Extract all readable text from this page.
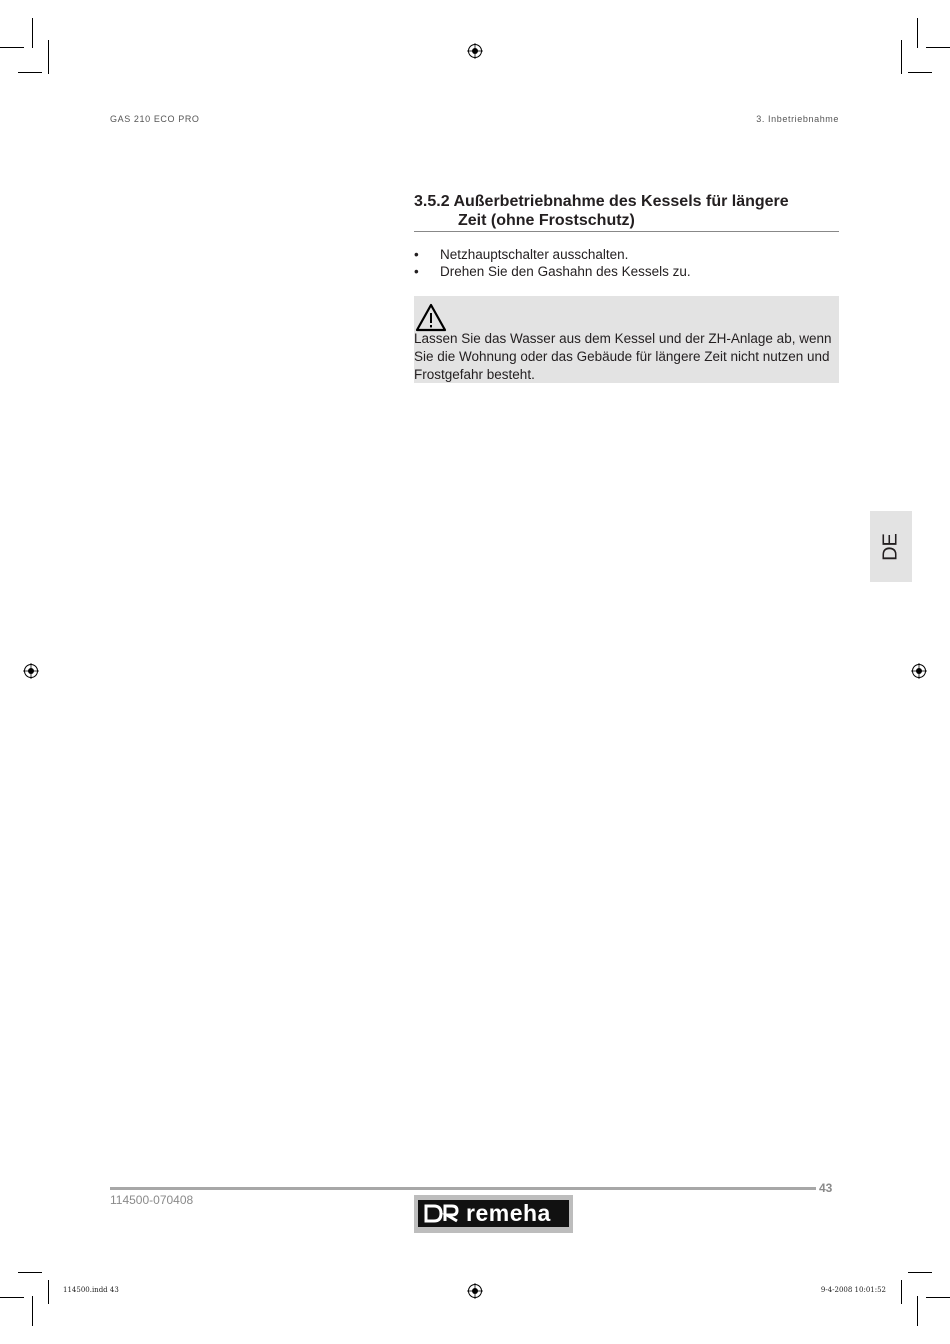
GAS 210 ECO PRO	3. Inbetriebnahme
3.5.2 Außerbetriebnahme des Kessels für längere
Zeit (ohne Frostschutz)
• Netzhauptschalter ausschalten.
• Drehen Sie den Gashahn des Kessels zu.
Lassen Sie das Wasser aus dem Kessel und der ZH-Anlage ab, wenn Sie die Wohnung oder das Gebäude für längere Zeit nicht nutzen und Frostgefahr besteht.
DE
43
114500-070408	remeha
114500.indd 43	9-4-2008 10:01:52
